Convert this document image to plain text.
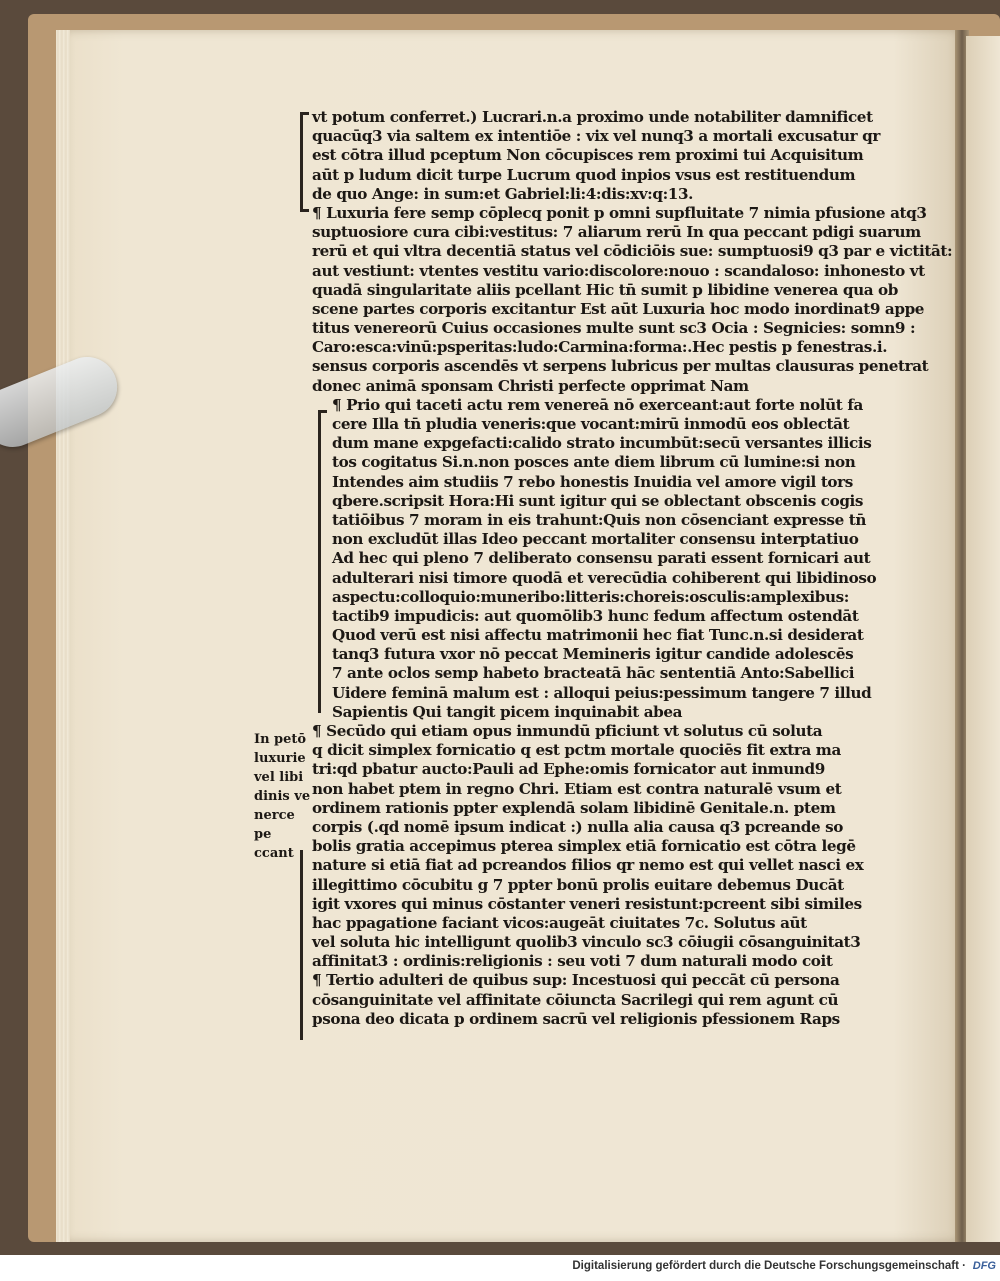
vt potum conferret.) Lucrari.n.a proximo unde notabiliter damnificet
quacūq3 via saltem ex intentiōe : vix vel nunq3 a mortali excusatur qr
est cōtra illud pceptum Non cōcupisces rem proximi tui Acquisitum
aūt p ludum dicit turpe Lucrum quod inpios vsus est restituendum
de quo Ange: in sum:et Gabriel:li:4:dis:xv:q:13.
¶ Luxuria fere semp cōplecq ponit p omni supfluitate 7 nimia pfusione atq3
suptuosiore cura cibi:vestitus: 7 aliarum rerū In qua peccant pdigi suarum
rerū et qui vltra decentiā status vel cōdiciōis sue: sumptuosi9 q3 par e victitāt:
aut vestiunt: vtentes vestitu vario:discolore:nouo : scandaloso: inhonesto vt
quadā singularitate aliis pcellant Hic tn̄ sumit p libidine venerea qua ob
scene partes corporis excitantur Est aūt Luxuria hoc modo inordinat9 appe
titus venereorū Cuius occasiones multe sunt sc3 Ocia : Segnicies: somn9 :
Caro:esca:vinū:psperitas:ludo:Carmina:forma:.Hec pestis p fenestras.i.
sensus corporis ascendēs vt serpens lubricus per multas clausuras penetrat
donec animā sponsam Christi perfecte opprimat Nam
¶ Prio qui taceti actu rem venereā nō exerceant:aut forte nolūt fa
cere Illa tn̄ pludia veneris:que vocant:mirū inmodū eos oblectāt
dum mane expgefacti:calido strato incumbūt:secū versantes illicis
tos cogitatus Si.n.non posces ante diem librum cū lumine:si non
Intendes aim studiis 7 rebo honestis Inuidia vel amore vigil tors
qbere.scripsit Hora:Hi sunt igitur qui se oblectant obscenis cogis
tatiōibus 7 moram in eis trahunt:Quis non cōsenciant expresse tn̄
non excludūt illas Ideo peccant mortaliter consensu interptatiuo
Ad hec qui pleno 7 deliberato consensu parati essent fornicari aut
adulterari nisi timore quodā et verecūdia cohiberent qui libidinoso
aspectu:colloquio:muneribo:litteris:choreis:osculis:amplexibus:
tactib9 impudicis: aut quomōlib3 hunc fedum affectum ostendāt
Quod verū est nisi affectu matrimonii hec fiat Tunc.n.si desiderat
tanq3 futura vxor nō peccat Memineris igitur candide adolescēs
7 ante oclos semp habeto bracteatā hāc sententiā Anto:Sabellici
Uidere feminā malum est : alloqui peius:pessimum tangere 7 illud
Sapientis Qui tangit picem inquinabit abea
¶ Secūdo qui etiam opus inmundū pficiunt vt solutus cū soluta
q dicit simplex fornicatio q est pctm mortale quociēs fit extra ma
tri:qd pbatur aucto:Pauli ad Ephe:omis fornicator aut inmund9
non habet ptem in regno Chri. Etiam est contra naturalē vsum et
ordinem rationis ppter explendā solam libidinē Genitale.n. ptem
corpis (.qd nomē ipsum indicat :) nulla alia causa q3 pcreande so
bolis gratia accepimus pterea simplex etiā fornicatio est cōtra legē
nature si etiā fiat ad pcreandos filios qr nemo est qui vellet nasci ex
illegittimo cōcubitu g 7 ppter bonū prolis euitare debemus Ducāt
igit vxores qui minus cōstanter veneri resistunt:pcreent sibi similes
hac ppagatione faciant vicos:augeāt ciuitates 7c. Solutus aūt
vel soluta hic intelligunt quolib3 vinculo sc3 cōiugii cōsanguinitat3
affinitat3 : ordinis:religionis : seu voti 7 dum naturali modo coit
¶ Tertio adulteri de quibus sup: Incestuosi qui peccāt cū persona
cōsanguinitate vel affinitate cōiuncta Sacrilegi qui rem agunt cū
psona deo dicata p ordinem sacrū vel religionis pfessionem Raps
In petō
luxurie
vel libi
dinis ve
nerce pe
ccant
Digitalisierung gefördert durch die Deutsche Forschungsgemeinschaft · DFG
